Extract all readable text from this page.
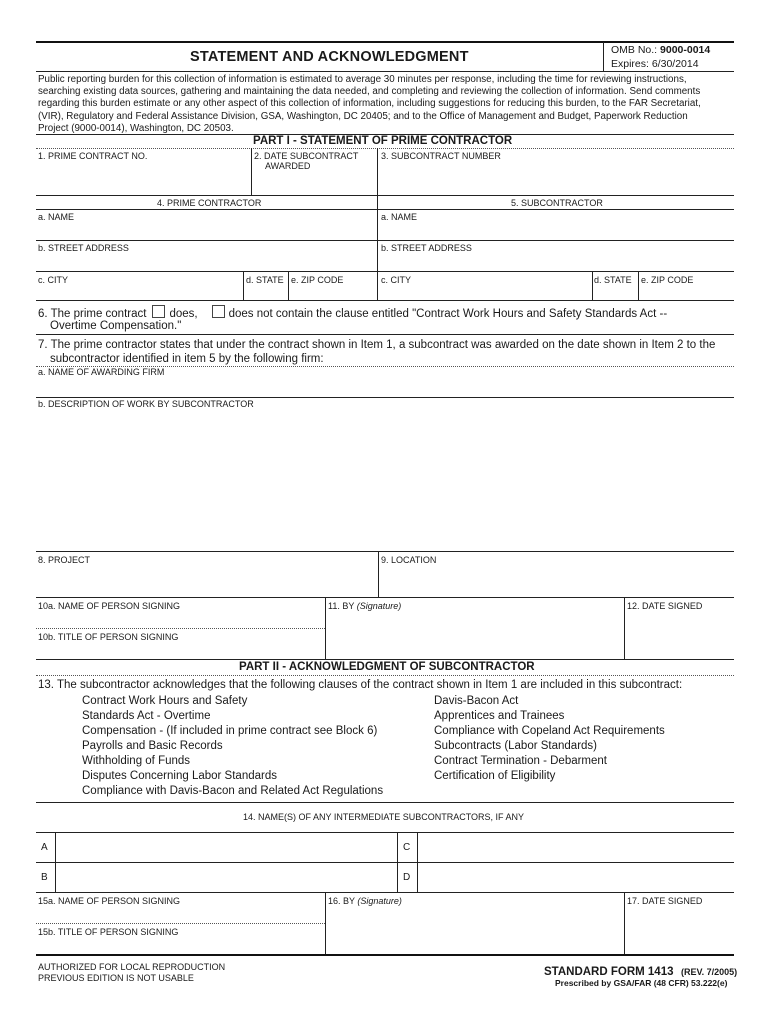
STATEMENT AND ACKNOWLEDGMENT	OMB No.: 9000-0014
Expires: 6/30/2014
Public reporting burden for this collection of information is estimated to average 30 minutes per response, including the time for reviewing instructions,
searching existing data sources, gathering and maintaining the data needed, and completing and reviewing the collection of information. Send comments
regarding this burden estimate or any other aspect of this collection of information, including suggestions for reducing this burden, to the FAR Secretariat,
(VIR), Regulatory and Federal Assistance Division, GSA, Washington, DC 20405; and to the Office of Management and Budget, Paperwork Reduction
Project (9000-0014), Washington, DC 20503.
PART I - STATEMENT OF PRIME CONTRACTOR
1. PRIME CONTRACT NO.	2. DATE SUBCONTRACT
AWARDED
3. SUBCONTRACT NUMBER
4. PRIME CONTRACTOR	5. SUBCONTRACTOR
a. NAME	a. NAME
b. STREET ADDRESS	b. STREET ADDRESS
c. CITY	d. STATE e. ZIP CODE	c. CITY	d. STATE e. ZIP CODE
6. The prime contract does,	does not contain the clause entitled "Contract Work Hours and Safety Standards Act --
Overtime Compensation."
7. The prime contractor states that under the contract shown in Item 1, a subcontract was awarded on the date shown in Item 2 to the
subcontractor identified in item 5 by the following firm:
a. NAME OF AWARDING FIRM
b. DESCRIPTION OF WORK BY SUBCONTRACTOR
8. PROJECT	9. LOCATION
10a. NAME OF PERSON SIGNING	11. BY (Signature)	12. DATE SIGNED
10b. TITLE OF PERSON SIGNING
PART II - ACKNOWLEDGMENT OF SUBCONTRACTOR
13. The subcontractor acknowledges that the following clauses of the contract shown in Item 1 are included in this subcontract:
Contract Work Hours and Safety
Standards Act - Overtime
Compensation - (If included in prime contract see Block 6)
Payrolls and Basic Records
Withholding of Funds
Disputes Concerning Labor Standards
Compliance with Davis-Bacon and Related Act Regulations
Davis-Bacon Act
Apprentices and Trainees
Compliance with Copeland Act Requirements
Subcontracts (Labor Standards)
Contract Termination - Debarment
Certification of Eligibility
14. NAME(S) OF ANY INTERMEDIATE SUBCONTRACTORS, IF ANY
A	C
B	D
15a. NAME OF PERSON SIGNING	16. BY (Signature)	17. DATE SIGNED
15b. TITLE OF PERSON SIGNING
AUTHORIZED FOR LOCAL REPRODUCTION
PREVIOUS EDITION IS NOT USABLE	STANDARD FORM 1413 (REV. 7/2005)
Prescribed by GSA/FAR (48 CFR) 53.222(e)
